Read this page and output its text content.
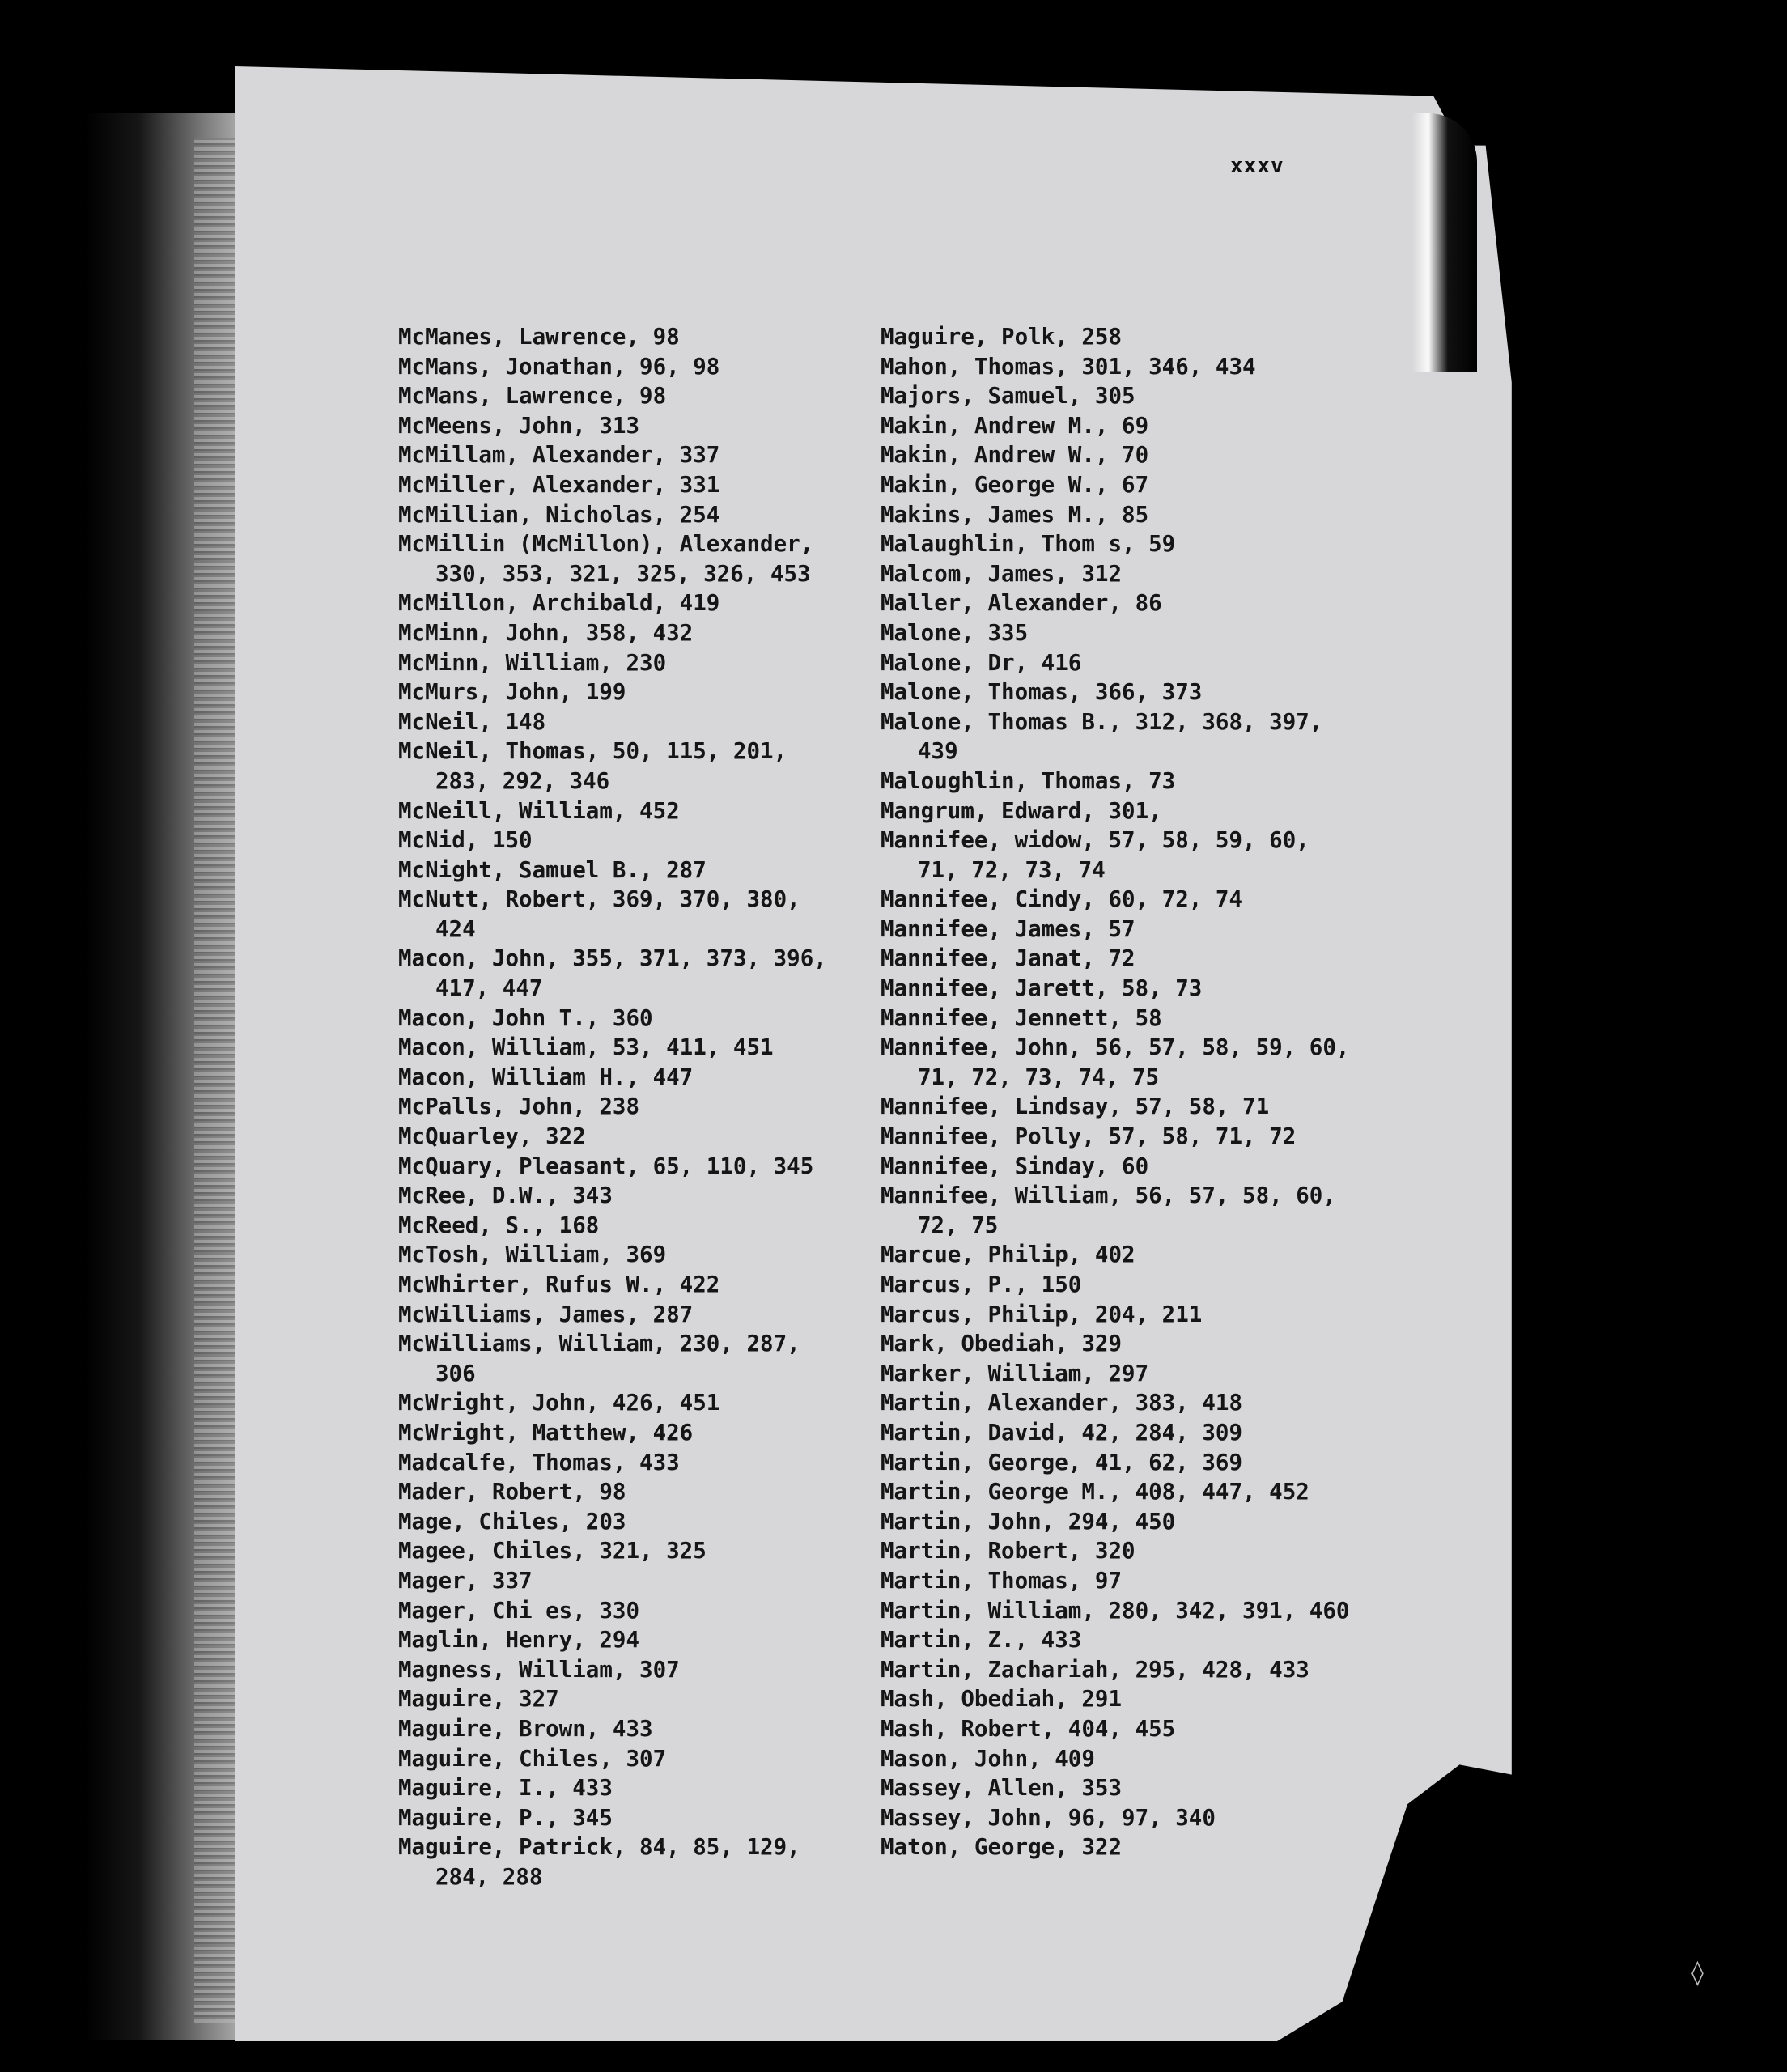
xxxv
McManes, Lawrence, 98
McMans, Jonathan, 96, 98
McMans, Lawrence, 98
McMeens, John, 313
McMillam, Alexander, 337
McMiller, Alexander, 331
McMillian, Nicholas, 254
McMillin (McMillon), Alexander, 330, 353, 321, 325, 326, 453
McMillon, Archibald, 419
McMinn, John, 358, 432
McMinn, William, 230
McMurs, John, 199
McNeil, 148
McNeil, Thomas, 50, 115, 201, 283, 292, 346
McNeill, William, 452
McNid, 150
McNight, Samuel B., 287
McNutt, Robert, 369, 370, 380, 424
Macon, John, 355, 371, 373, 396, 417, 447
Macon, John T., 360
Macon, William, 53, 411, 451
Macon, William H., 447
McPalls, John, 238
McQuarley, 322
McQuary, Pleasant, 65, 110, 345
McRee, D.W., 343
McReed, S., 168
McTosh, William, 369
McWhirter, Rufus W., 422
McWilliams, James, 287
McWilliams, William, 230, 287, 306
McWright, John, 426, 451
McWright, Matthew, 426
Madcalfe, Thomas, 433
Mader, Robert, 98
Mage, Chiles, 203
Magee, Chiles, 321, 325
Mager, 337
Mager, Chi es, 330
Maglin, Henry, 294
Magness, William, 307
Maguire, 327
Maguire, Brown, 433
Maguire, Chiles, 307
Maguire, I., 433
Maguire, P., 345
Maguire, Patrick, 84, 85, 129, 284, 288
Maguire, Polk, 258
Mahon, Thomas, 301, 346, 434
Majors, Samuel, 305
Makin, Andrew M., 69
Makin, Andrew W., 70
Makin, George W., 67
Makins, James M., 85
Malaughlin, Thom s, 59
Malcom, James, 312
Maller, Alexander, 86
Malone, 335
Malone, Dr, 416
Malone, Thomas, 366, 373
Malone, Thomas B., 312, 368, 397, 439
Maloughlin, Thomas, 73
Mangrum, Edward, 301,
Mannifee, widow, 57, 58, 59, 60, 71, 72, 73, 74
Mannifee, Cindy, 60, 72, 74
Mannifee, James, 57
Mannifee, Janat, 72
Mannifee, Jarett, 58, 73
Mannifee, Jennett, 58
Mannifee, John, 56, 57, 58, 59, 60, 71, 72, 73, 74, 75
Mannifee, Lindsay, 57, 58, 71
Mannifee, Polly, 57, 58, 71, 72
Mannifee, Sinday, 60
Mannifee, William, 56, 57, 58, 60, 72, 75
Marcue, Philip, 402
Marcus, P., 150
Marcus, Philip, 204, 211
Mark, Obediah, 329
Marker, William, 297
Martin, Alexander, 383, 418
Martin, David, 42, 284, 309
Martin, George, 41, 62, 369
Martin, George M., 408, 447, 452
Martin, John, 294, 450
Martin, Robert, 320
Martin, Thomas, 97
Martin, William, 280, 342, 391, 460
Martin, Z., 433
Martin, Zachariah, 295, 428, 433
Mash, Obediah, 291
Mash, Robert, 404, 455
Mason, John, 409
Massey, Allen, 353
Massey, John, 96, 97, 340
Maton, George, 322
◊
